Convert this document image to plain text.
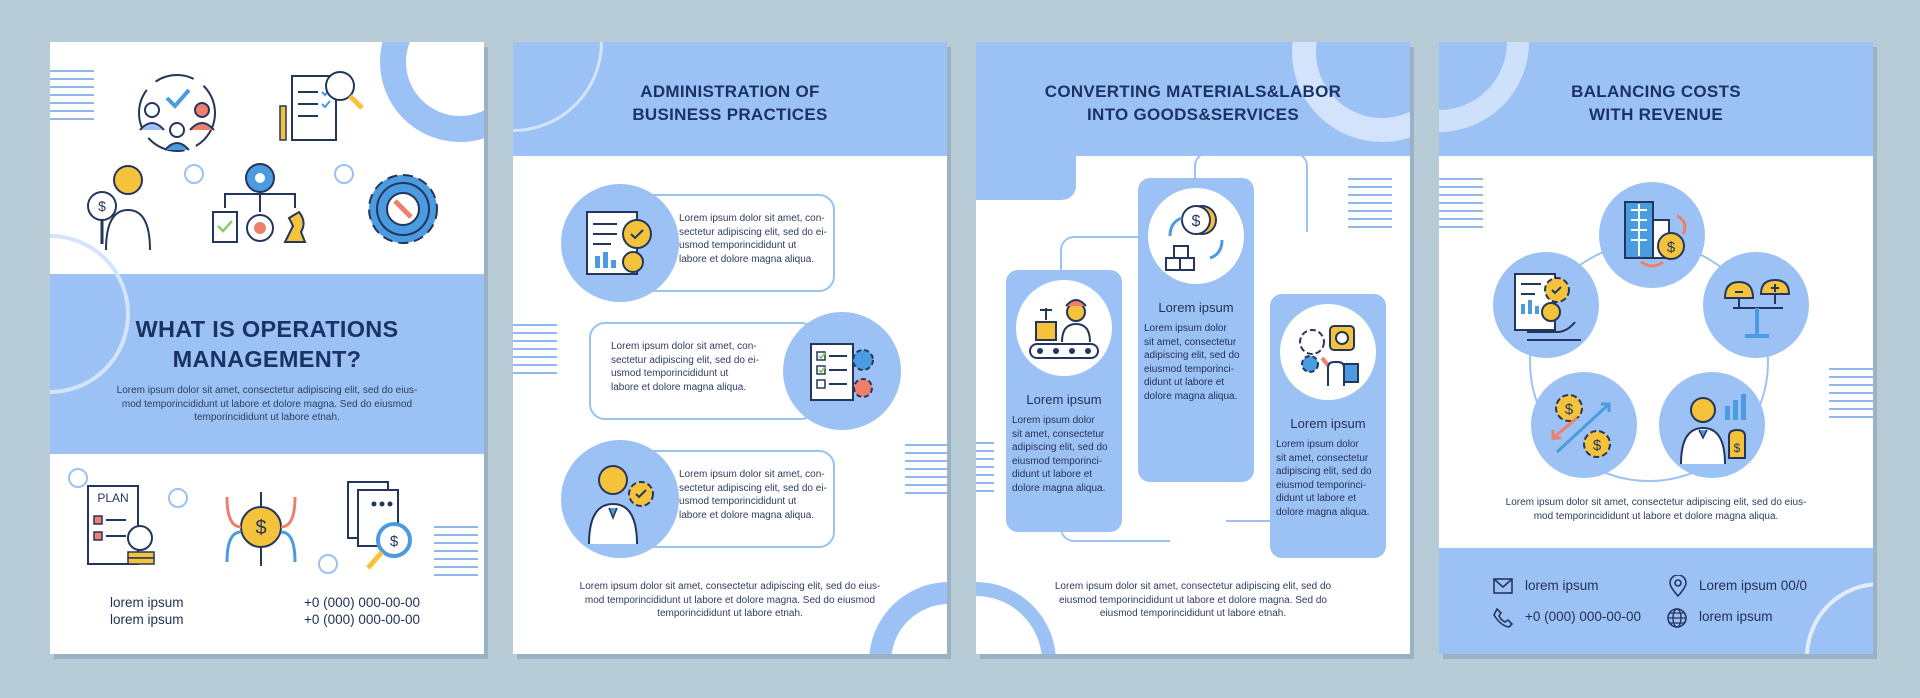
$
WHAT IS OPERATIONS
MANAGEMENT?
Lorem ipsum dolor sit amet, consectetur adipiscing elit, sed do eius-
mod temporincididunt ut labore et dolore magna. Sed do eiusmod
temporincididunt ut labore etnah.
PLAN
$
$
lorem ipsum
lorem ipsum
+0 (000) 000-00-00
+0 (000) 000-00-00
ADMINISTRATION OF
BUSINESS PRACTICES
Lorem ipsum dolor sit amet, con-
sectetur adipiscing elit, sed do ei-
usmod temporincididunt ut
labore et dolore magna aliqua.
Lorem ipsum dolor sit amet, con-
sectetur adipiscing elit, sed do ei-
usmod temporincididunt ut
labore et dolore magna aliqua.
Lorem ipsum dolor sit amet, con-
sectetur adipiscing elit, sed do ei-
usmod temporincididunt ut
labore et dolore magna aliqua.
Lorem ipsum dolor sit amet, consectetur adipiscing elit, sed do eius-
mod temporincididunt ut labore et dolore magna. Sed do eiusmod
temporincididunt ut labore etnah.
CONVERTING MATERIALS&LABOR
INTO GOODS&SERVICES
Lorem ipsum
Lorem ipsum dolor
sit amet, consectetur
adipiscing elit, sed do
eiusmod temporinci-
didunt ut labore et
dolore magna aliqua.
$
Lorem ipsum
Lorem ipsum dolor
sit amet, consectetur
adipiscing elit, sed do
eiusmod temporinci-
didunt ut labore et
dolore magna aliqua.
Lorem ipsum
Lorem ipsum dolor
sit amet, consectetur
adipiscing elit, sed do
eiusmod temporinci-
didunt ut labore et
dolore magna aliqua.
Lorem ipsum dolor sit amet, consectetur adipiscing elit, sed do
eiusmod temporincididunt ut labore et dolore magna. Sed do
eiusmod temporincididunt ut labore etnah.
BALANCING COSTS
WITH REVENUE
$
$
$
$
Lorem ipsum dolor sit amet, consectetur adipiscing elit, sed do eius-
mod temporincididunt ut labore et dolore magna aliqua.
lorem ipsum	Lorem ipsum 00/0
+0 (000) 000-00-00	lorem ipsum
